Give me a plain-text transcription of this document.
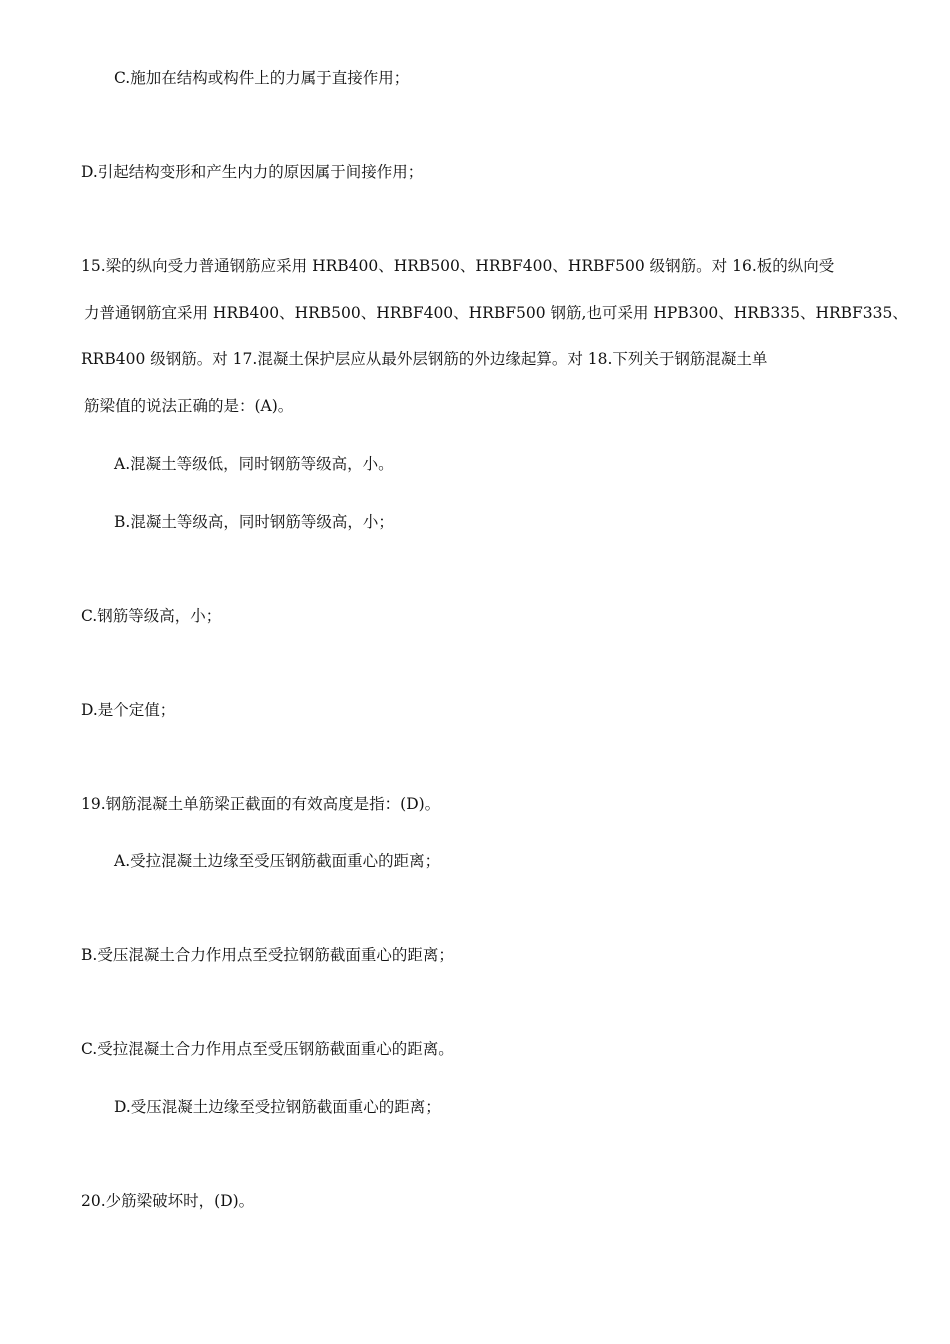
C.施加在结构或构件上的力属于直接作用；
D.引起结构变形和产生内力的原因属于间接作用；
15.梁的纵向受力普通钢筋应采用 HRB400、HRB500、HRBF400、HRBF500 级钢筋。对 16.板的纵向受
力普通钢筋宜采用 HRB400、HRB500、HRBF400、HRBF500 钢筋,也可采用 HPB300、HRB335、HRBF335、
RRB400 级钢筋。对 17.混凝土保护层应从最外层钢筋的外边缘起算。对 18.下列关于钢筋混凝土单
筋梁值的说法正确的是：(A)。
A.混凝土等级低，同时钢筋等级高，小。
B.混凝土等级高，同时钢筋等级高，小；
C.钢筋等级高，小；
D.是个定值；
19.钢筋混凝土单筋梁正截面的有效高度是指：(D)。
A.受拉混凝土边缘至受压钢筋截面重心的距离；
B.受压混凝土合力作用点至受拉钢筋截面重心的距离；
C.受拉混凝土合力作用点至受压钢筋截面重心的距离。
D.受压混凝土边缘至受拉钢筋截面重心的距离；
20.少筋梁破坏时，(D)。
